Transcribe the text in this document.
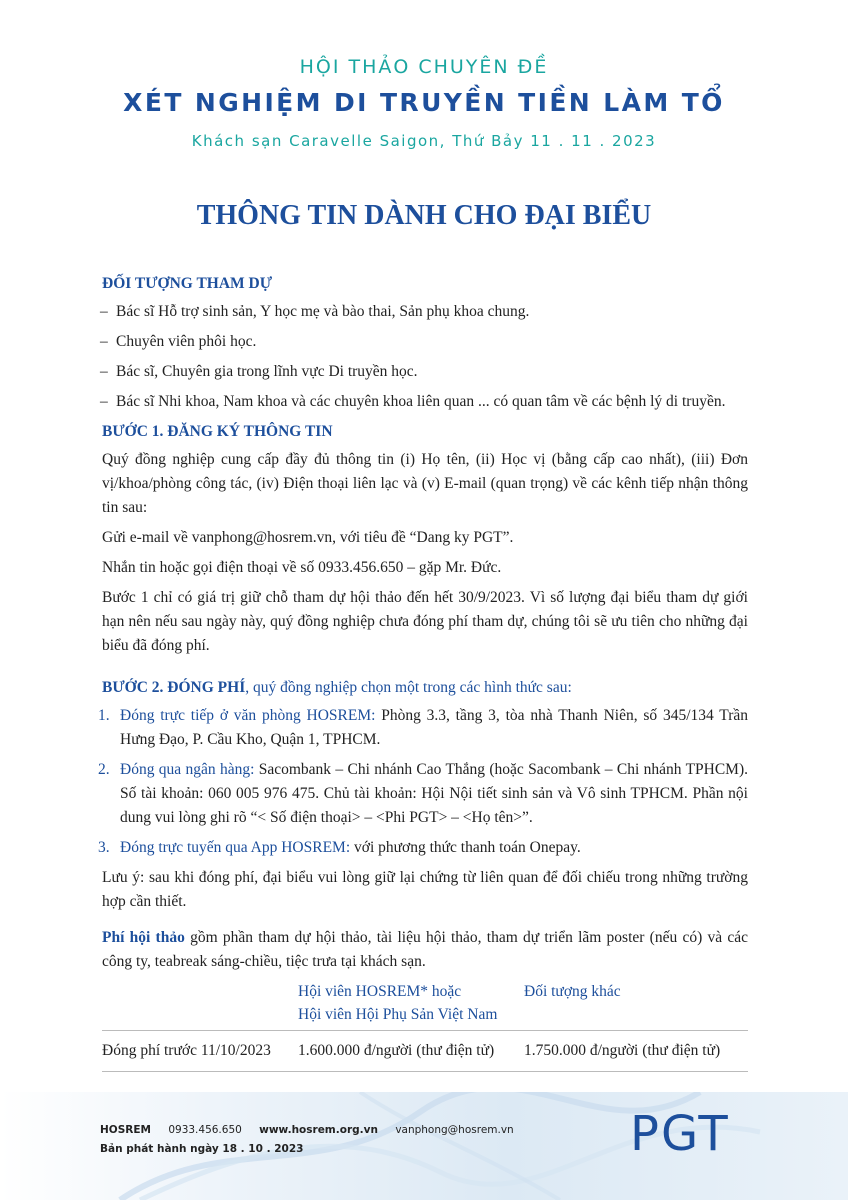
HỘI THẢO CHUYÊN ĐỀ
XÉT NGHIỆM DI TRUYỀN TIỀN LÀM TỔ
Khách sạn Caravelle Saigon, Thứ Bảy 11 . 11 . 2023
THÔNG TIN DÀNH CHO ĐẠI BIỂU
ĐỐI TƯỢNG THAM DỰ
– Bác sĩ Hỗ trợ sinh sản, Y học mẹ và bào thai, Sản phụ khoa chung.
– Chuyên viên phôi học.
– Bác sĩ, Chuyên gia trong lĩnh vực Di truyền học.
– Bác sĩ Nhi khoa, Nam khoa và các chuyên khoa liên quan ... có quan tâm về các bệnh lý di truyền.
BƯỚC 1. ĐĂNG KÝ THÔNG TIN

Quý đồng nghiệp cung cấp đầy đủ thông tin (i) Họ tên, (ii) Học vị (bằng cấp cao nhất), (iii) Đơn vị/khoa/phòng công tác, (iv) Điện thoại liên lạc và (v) E-mail (quan trọng) về các kênh tiếp nhận thông tin sau:

Gửi e-mail về vanphong@hosrem.vn, với tiêu đề “Dang ky PGT”.

Nhắn tin hoặc gọi điện thoại về số 0933.456.650 – gặp Mr. Đức.

Bước 1 chỉ có giá trị giữ chỗ tham dự hội thảo đến hết 30/9/2023. Vì số lượng đại biểu tham dự giới hạn nên nếu sau ngày này, quý đồng nghiệp chưa đóng phí tham dự, chúng tôi sẽ ưu tiên cho những đại biểu đã đóng phí.

BƯỚC 2. ĐÓNG PHÍ, quý đồng nghiệp chọn một trong các hình thức sau:
1. Đóng trực tiếp ở văn phòng HOSREM: Phòng 3.3, tầng 3, tòa nhà Thanh Niên, số 345/134 Trần Hưng Đạo, P. Cầu Kho, Quận 1, TPHCM.
2. Đóng qua ngân hàng: Sacombank – Chi nhánh Cao Thắng (hoặc Sacombank – Chi nhánh TPHCM). Số tài khoản: 060 005 976 475. Chủ tài khoản: Hội Nội tiết sinh sản và Vô sinh TPHCM. Phần nội dung vui lòng ghi rõ “< Số điện thoại> – <Phi PGT> – <Họ tên>”.
3. Đóng trực tuyến qua App HOSREM: với phương thức thanh toán Onepay.

Lưu ý: sau khi đóng phí, đại biểu vui lòng giữ lại chứng từ liên quan để đối chiếu trong những trường hợp cần thiết.

Phí hội thảo gồm phần tham dự hội thảo, tài liệu hội thảo, tham dự triển lãm poster (nếu có) và các công ty, teabreak sáng-chiều, tiệc trưa tại khách sạn.

	Hội viên HOSREM* hoặc
Hội viên Hội Phụ Sản Việt Nam	Đối tượng khác
Đóng phí trước 11/10/2023	1.600.000 đ/người (thư điện tử)	1.750.000 đ/người (thư điện tử)
HOSREM 0933.456.650 www.hosrem.org.vn vanphong@hosrem.vn
Bản phát hành ngày 18 . 10 . 2023	PGT
